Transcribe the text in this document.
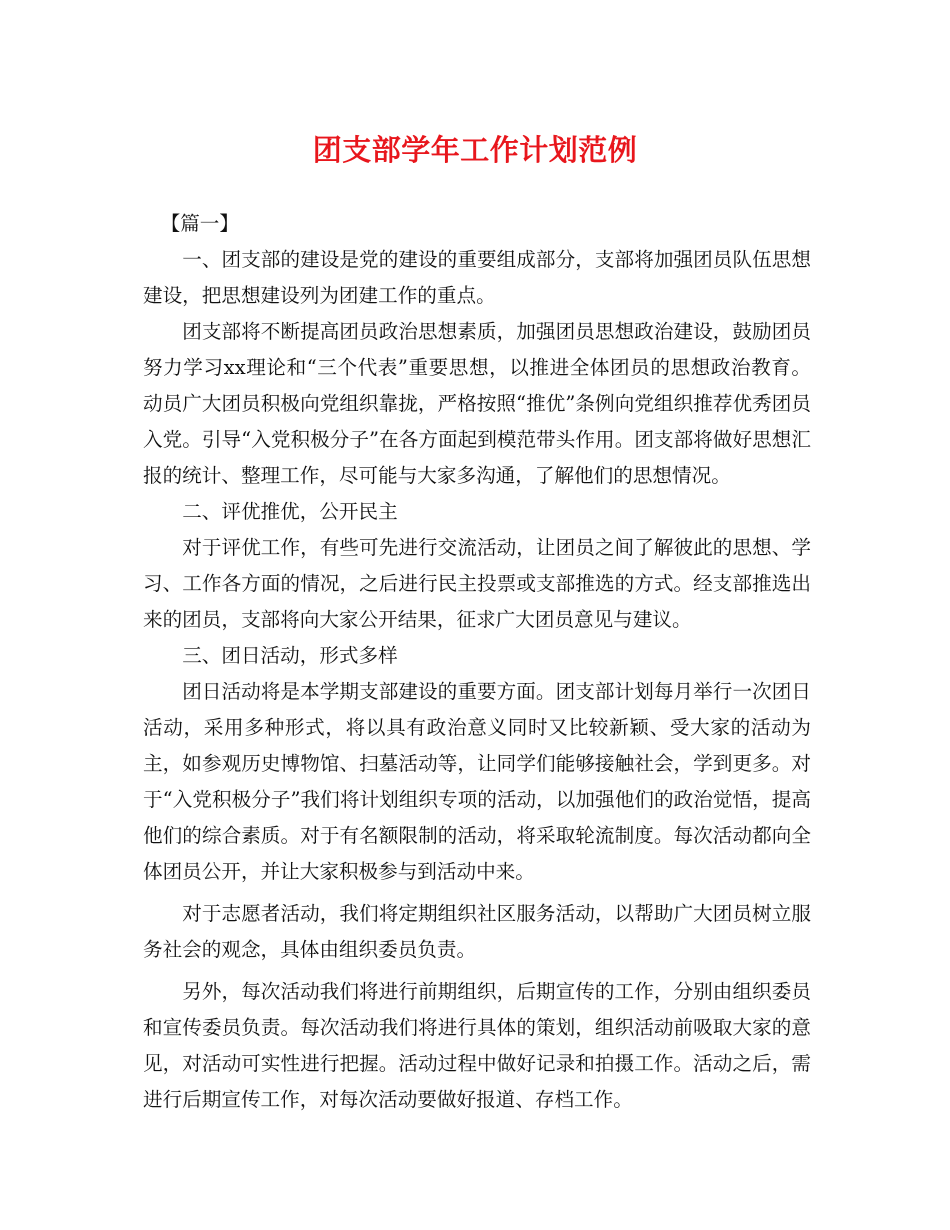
团支部学年工作计划范例

【篇一】

一、团支部的建设是党的建设的重要组成部分，支部将加强团员队伍思想建设，把思想建设列为团建工作的重点。

团支部将不断提高团员政治思想素质，加强团员思想政治建设，鼓励团员努力学习xx理论和“三个代表”重要思想，以推进全体团员的思想政治教育。动员广大团员积极向党组织靠拢，严格按照“推优”条例向党组织推荐优秀团员入党。引导“入党积极分子”在各方面起到模范带头作用。团支部将做好思想汇报的统计、整理工作，尽可能与大家多沟通，了解他们的思想情况。

二、评优推优，公开民主

对于评优工作，有些可先进行交流活动，让团员之间了解彼此的思想、学习、工作各方面的情况，之后进行民主投票或支部推选的方式。经支部推选出来的团员，支部将向大家公开结果，征求广大团员意见与建议。

三、团日活动，形式多样

团日活动将是本学期支部建设的重要方面。团支部计划每月举行一次团日活动，采用多种形式，将以具有政治意义同时又比较新颖、受大家的活动为主，如参观历史博物馆、扫墓活动等，让同学们能够接触社会，学到更多。对于“入党积极分子”我们将计划组织专项的活动，以加强他们的政治觉悟，提高他们的综合素质。对于有名额限制的活动，将采取轮流制度。每次活动都向全体团员公开，并让大家积极参与到活动中来。

对于志愿者活动，我们将定期组织社区服务活动，以帮助广大团员树立服务社会的观念，具体由组织委员负责。

另外，每次活动我们将进行前期组织，后期宣传的工作，分别由组织委员和宣传委员负责。每次活动我们将进行具体的策划，组织活动前吸取大家的意见，对活动可实性进行把握。活动过程中做好记录和拍摄工作。活动之后，需进行后期宣传工作，对每次活动要做好报道、存档工作。
